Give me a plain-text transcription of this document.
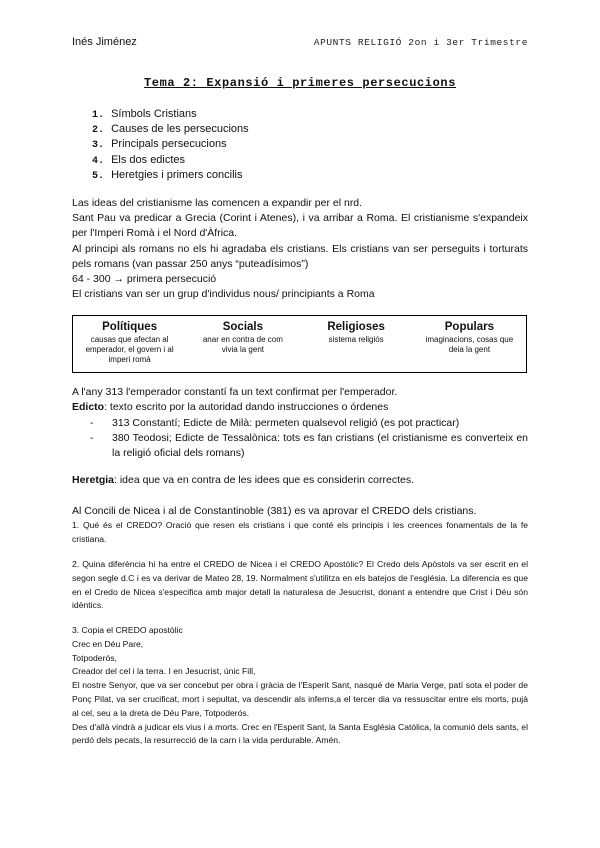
Inés Jiménez	APUNTS RELIGIÓ 2on i 3er Trimestre
Tema 2: Expansió i primeres persecucions
1. Símbols Cristians
2. Causes de les persecucions
3. Principals persecucions
4. Els dos edictes
5. Heretgies i primers concilis
Las ideas del cristianisme las comencen a expandir per el nrd.
Sant Pau va predicar a Grecia (Corint i Atenes), i va arribar a Roma. El cristianisme s'expandeix per l'Imperi Romà i el Nord d'Àfrica.
Al principi als romans no els hi agradaba els cristians. Els cristians van ser perseguits i torturats pels romans (van passar 250 anys “puteadísimos”)
64 - 300 → primera persecució
El cristians van ser un grup d'individus nous/ principiants a Roma
Polítiques

causas que afectan al emperador, el govern i al imperi romà

Socials

anar en contra de com vivia la gent

Religioses

sistema religiós

Populars

imaginacions, cosas que deia la gent

A l'any 313 l'emperador constantí fa un text confirmat per l'emperador.
Edicto: texto escrito por la autoridad dando instrucciones o órdenes
- 313 Constantí; Edicte de Milà: permeten qualsevol religió (es pot practicar)
- 380 Teodosi; Edicte de Tessalònica: tots es fan cristians (el cristianisme es converteix en la religió oficial dels romans)
Heretgia: idea que va en contra de les idees que es considerin correctes.
Al Concili de Nicea i al de Constantinoble (381) es va aprovar el CREDO dels cristians.
1. Qué és el CREDO? Oració que resen els cristians i que conté els principis i les creences fonamentals de la fe cristiana.
2. Quina diferència hi ha entre el CREDO de Nicea i el CREDO Apostòlic? El Credo dels Apòstols va ser escrit en el segon segle d.C i es va derivar de Mateo 28, 19. Normalment s'utilitza en els batejos de l'església. La diferencia es que en el Credo de Nicea s'especifica amb major detall la naturalesa de Jesucrist, donant a entendre que Crist i Déu són idèntics.
3. Copia el CREDO apostòlic
Crec en Déu Pare,
Totpoderós,
Creador del cel i la terra. I en Jesucrist, únic Fill,
El nostre Senyor, que va ser concebut per obra i gràcia de l'Esperit Sant, nasqué de Maria Verge, patí sota el poder de Ponç Pilat, va ser crucificat, mort i sepultat, va descendir als inferns,a el tercer dia va ressuscitar entre els morts, pujà al cel, seu a la dreta de Déu Pare, Totpoderós.
Des d'allà vindrà a judicar els vius i a morts. Crec en l'Esperit Sant, la Santa Església Catòlica, la comunió dels sants, el perdó dels pecats, la resurrecció de la carn i la vida perdurable. Amén.
